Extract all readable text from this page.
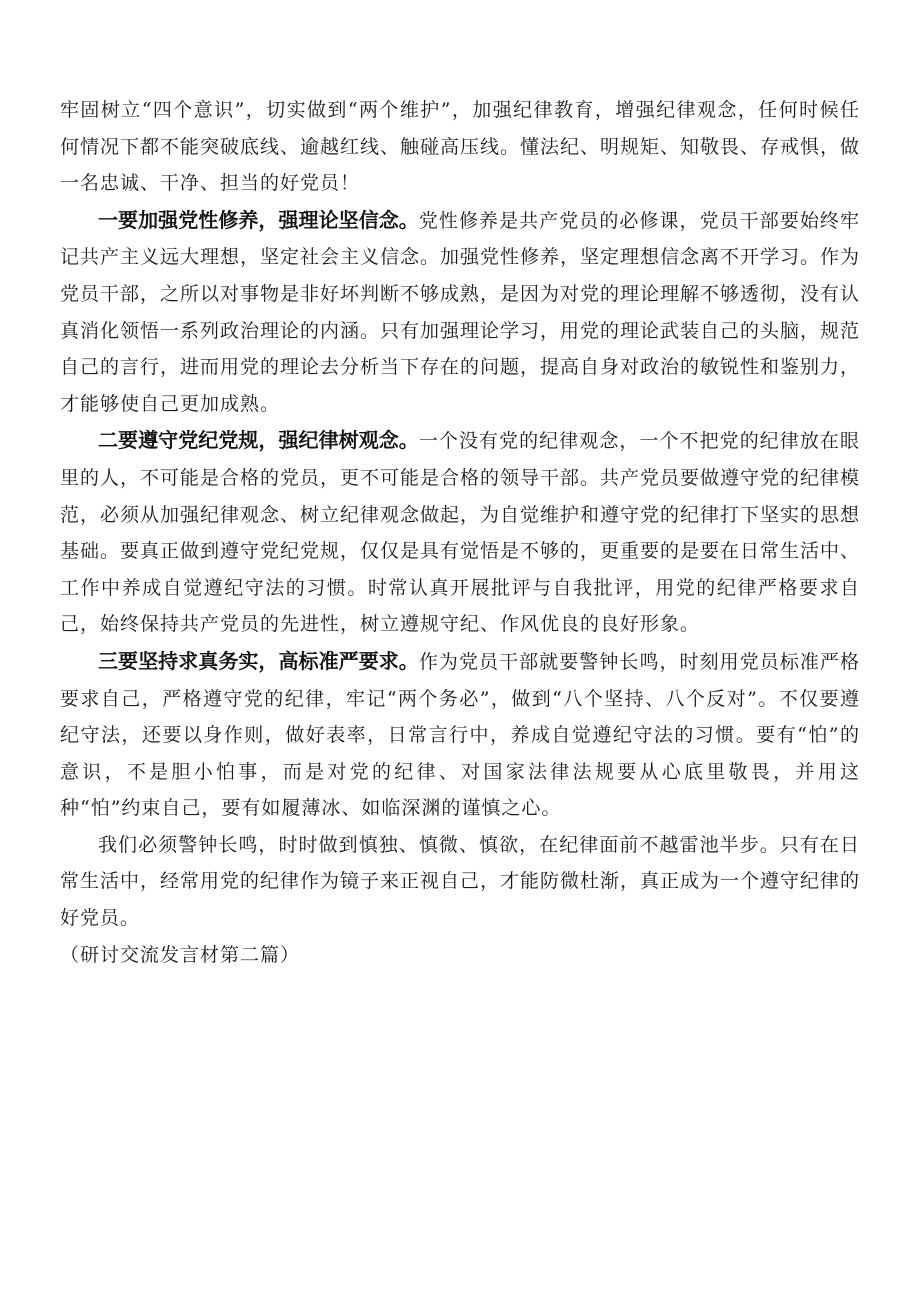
牢固树立“四个意识”，切实做到“两个维护”，加强纪律教育，增强纪律观念，任何时候任何情况下都不能突破底线、逾越红线、触碰高压线。懂法纪、明规矩、知敬畏、存戒惧，做一名忠诚、干净、担当的好党员！

一要加强党性修养，强理论坚信念。党性修养是共产党员的必修课，党员干部要始终牢记共产主义远大理想，坚定社会主义信念。加强党性修养，坚定理想信念离不开学习。作为党员干部，之所以对事物是非好坏判断不够成熟，是因为对党的理论理解不够透彻，没有认真消化领悟一系列政治理论的内涵。只有加强理论学习，用党的理论武装自己的头脑，规范自己的言行，进而用党的理论去分析当下存在的问题，提高自身对政治的敏锐性和鉴别力，才能够使自己更加成熟。

二要遵守党纪党规，强纪律树观念。一个没有党的纪律观念，一个不把党的纪律放在眼里的人，不可能是合格的党员，更不可能是合格的领导干部。共产党员要做遵守党的纪律模范，必须从加强纪律观念、树立纪律观念做起，为自觉维护和遵守党的纪律打下坚实的思想基础。要真正做到遵守党纪党规，仅仅是具有觉悟是不够的，更重要的是要在日常生活中、工作中养成自觉遵纪守法的习惯。时常认真开展批评与自我批评，用党的纪律严格要求自己，始终保持共产党员的先进性，树立遵规守纪、作风优良的良好形象。

三要坚持求真务实，高标准严要求。作为党员干部就要警钟长鸣，时刻用党员标准严格要求自己，严格遵守党的纪律，牢记“两个务必”，做到“八个坚持、八个反对”。不仅要遵纪守法，还要以身作则，做好表率，日常言行中，养成自觉遵纪守法的习惯。要有“怕”的意识，不是胆小怕事，而是对党的纪律、对国家法律法规要从心底里敬畏，并用这种“怕”约束自己，要有如履薄冰、如临深渊的谨慎之心。

我们必须警钟长鸣，时时做到慎独、慎微、慎欲，在纪律面前不越雷池半步。只有在日常生活中，经常用党的纪律作为镜子来正视自己，才能防微杜渐，真正成为一个遵守纪律的好党员。

（研讨交流发言材第二篇）
